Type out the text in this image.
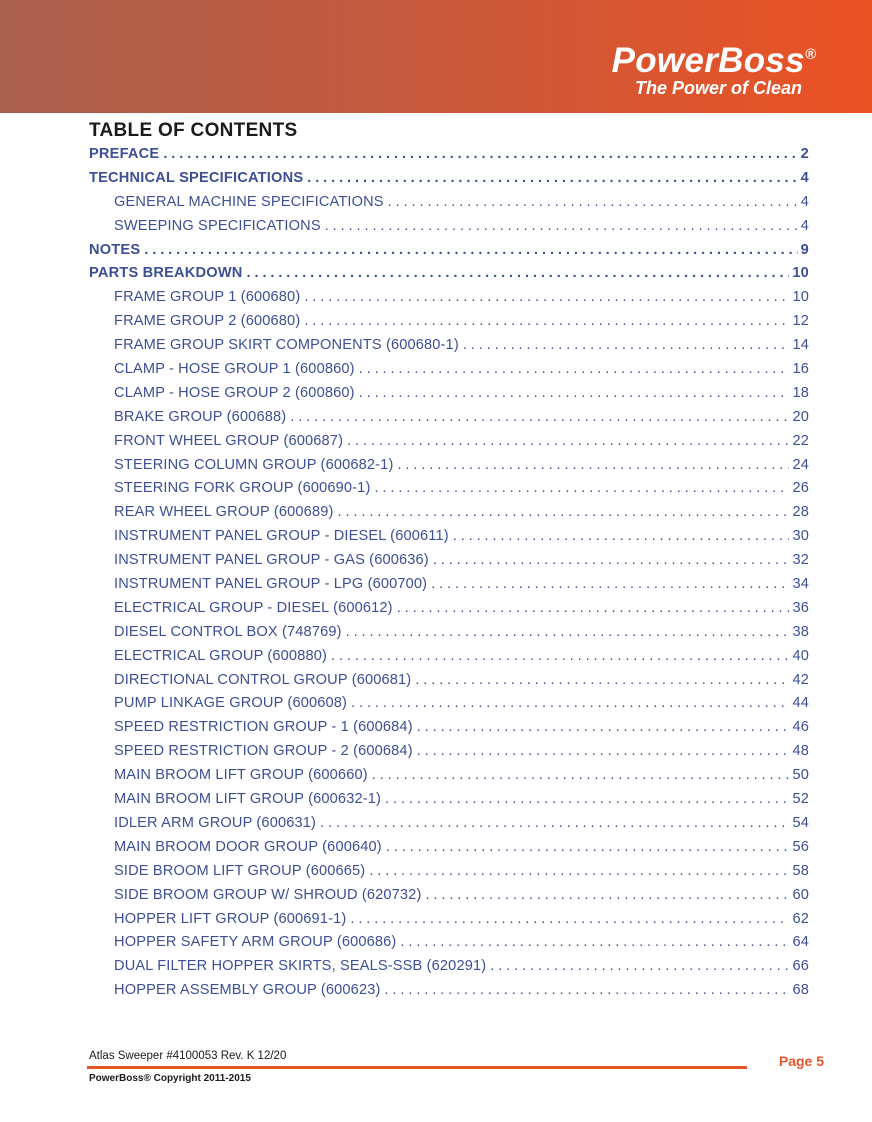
PowerBoss®
The Power of Clean
TABLE OF CONTENTS
PREFACE .....	2
TECHNICAL SPECIFICATIONS .....	4
GENERAL MACHINE SPECIFICATIONS .....	4
SWEEPING SPECIFICATIONS .....	4
NOTES .....	9
PARTS BREAKDOWN .....	10
FRAME GROUP 1 (600680) .....	10
FRAME GROUP 2 (600680) .....	12
FRAME GROUP SKIRT COMPONENTS (600680-1) .....	14
CLAMP - HOSE GROUP 1 (600860) .....	16
CLAMP - HOSE GROUP 2 (600860) .....	18
BRAKE GROUP (600688) .....	20
FRONT WHEEL GROUP (600687) .....	22
STEERING COLUMN GROUP (600682-1) .....	24
STEERING FORK GROUP (600690-1) .....	26
REAR WHEEL GROUP (600689) .....	28
INSTRUMENT PANEL GROUP - DIESEL (600611) .....	30
INSTRUMENT PANEL GROUP - GAS (600636) .....	32
INSTRUMENT PANEL GROUP - LPG (600700) .....	34
ELECTRICAL GROUP - DIESEL (600612) .....	36
DIESEL CONTROL BOX (748769) .....	38
ELECTRICAL GROUP (600880) .....	40
DIRECTIONAL CONTROL GROUP (600681) .....	42
PUMP LINKAGE GROUP (600608) .....	44
SPEED RESTRICTION GROUP - 1 (600684) .....	46
SPEED RESTRICTION GROUP - 2 (600684) .....	48
MAIN BROOM LIFT GROUP (600660) .....	50
MAIN BROOM LIFT GROUP (600632-1) .....	52
IDLER ARM GROUP (600631) .....	54
MAIN BROOM DOOR GROUP (600640) .....	56
SIDE BROOM LIFT GROUP (600665) .....	58
SIDE BROOM GROUP W/ SHROUD (620732) .....	60
HOPPER LIFT GROUP (600691-1) .....	62
HOPPER SAFETY ARM GROUP (600686) .....	64
DUAL FILTER HOPPER SKIRTS, SEALS-SSB (620291) .....	66
HOPPER ASSEMBLY GROUP (600623) .....	68
Atlas Sweeper #4100053 Rev. K 12/20
PowerBoss® Copyright 2011-2015
Page 5
